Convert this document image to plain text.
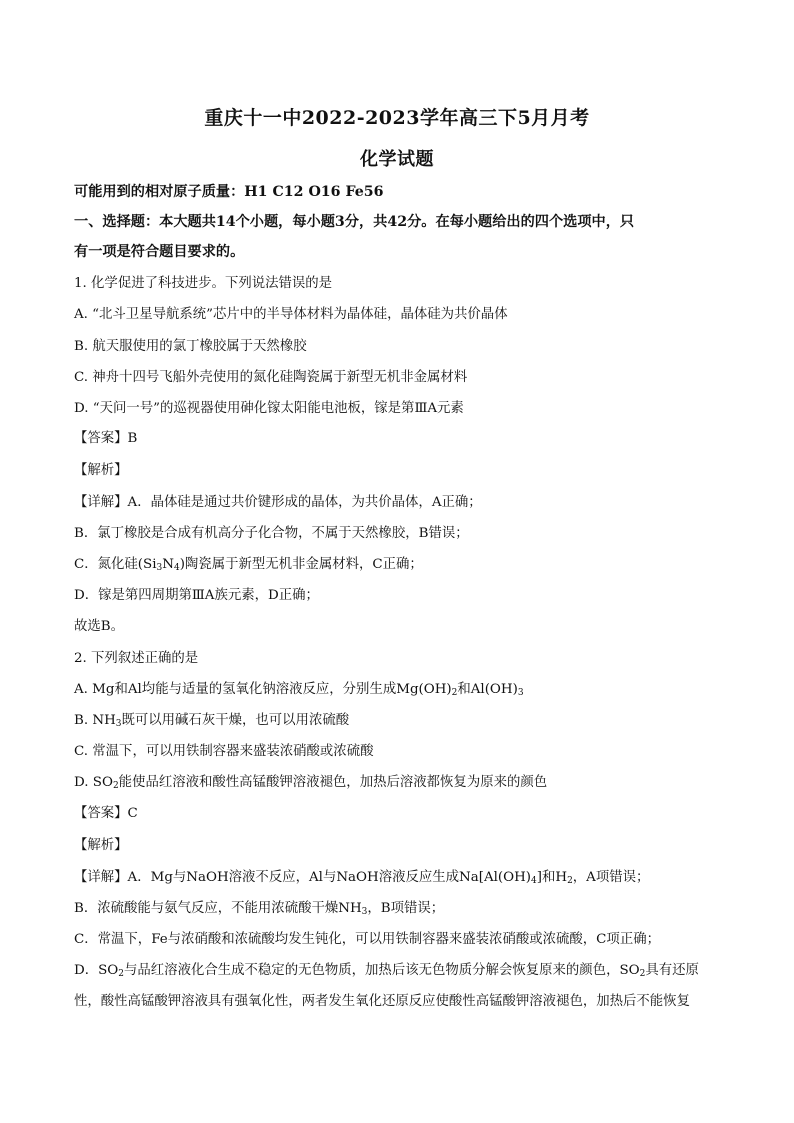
重庆十一中2022-2023学年高三下5月月考
化学试题
可能用到的相对原子质量：H1 C12 O16 Fe56
一、选择题：本大题共14个小题，每小题3分，共42分。在每小题给出的四个选项中，只
有一项是符合题目要求的。
1. 化学促进了科技进步。下列说法错误的是
A. “北斗卫星导航系统”芯片中的半导体材料为晶体硅，晶体硅为共价晶体
B. 航天服使用的氯丁橡胶属于天然橡胶
C. 神舟十四号飞船外壳使用的氮化硅陶瓷属于新型无机非金属材料
D. “天问一号”的巡视器使用砷化镓太阳能电池板，镓是第ⅢA元素
【答案】B
【解析】
【详解】A．晶体硅是通过共价键形成的晶体，为共价晶体，A正确；
B．氯丁橡胶是合成有机高分子化合物，不属于天然橡胶，B错误；
C．氮化硅$(Si_3N_4)$陶瓷属于新型无机非金属材料，C正确；
D．镓是第四周期第ⅢA族元素，D正确；
故选B。
2. 下列叙述正确的是
A. Mg和Al均能与适量的氢氧化钠溶液反应，分别生成$Mg(OH)_2$和$Al(OH)_3$
B. $NH_3$既可以用碱石灰干燥，也可以用浓硫酸
C. 常温下，可以用铁制容器来盛装浓硝酸或浓硫酸
D. $SO_2$能使品红溶液和酸性高锰酸钾溶液褪色，加热后溶液都恢复为原来的颜色
【答案】C
【解析】
【详解】A．Mg与NaOH溶液不反应，Al与NaOH溶液反应生成$Na[Al(OH)_4]$和$H_2$，A项错误；
B．浓硫酸能与氨气反应，不能用浓硫酸干燥$NH_3$，B项错误；
C．常温下，Fe与浓硝酸和浓硫酸均发生钝化，可以用铁制容器来盛装浓硝酸或浓硫酸，C项正确；
D．$SO_2$与品红溶液化合生成不稳定的无色物质，加热后该无色物质分解会恢复原来的颜色，$SO_2$具有还原
性，酸性高锰酸钾溶液具有强氧化性，两者发生氧化还原反应使酸性高锰酸钾溶液褪色，加热后不能恢复
